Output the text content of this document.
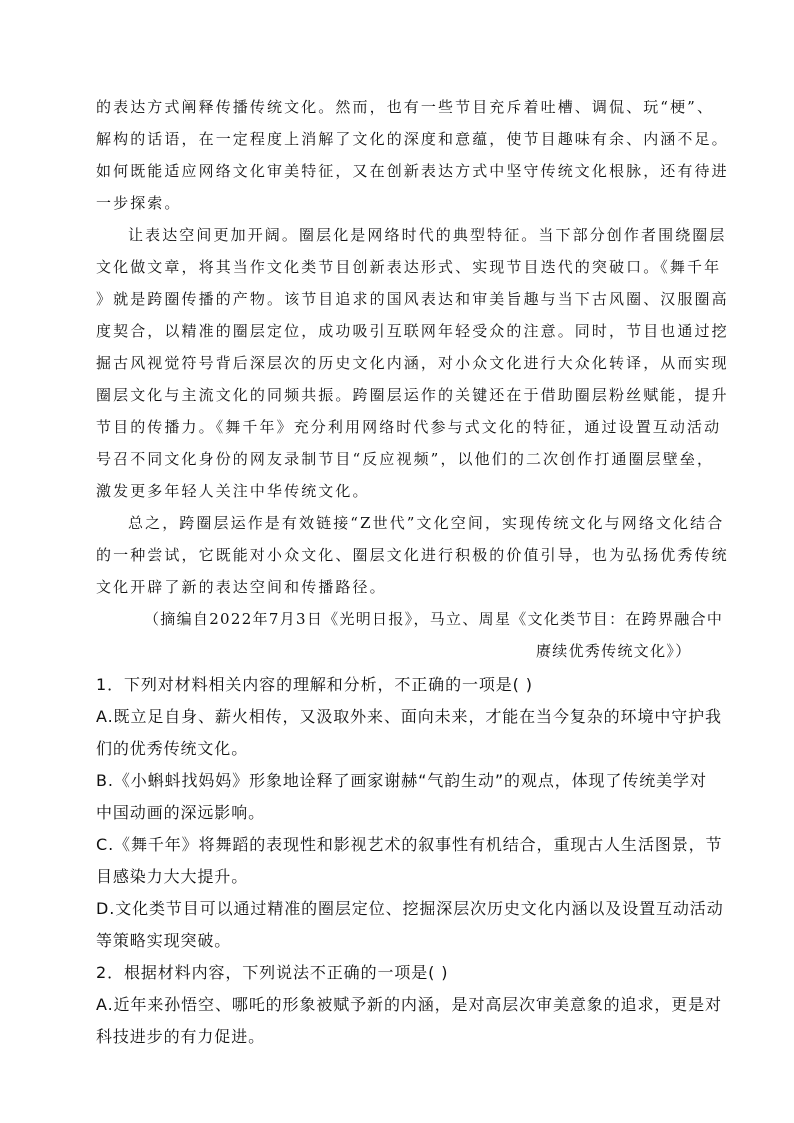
的表达方式阐释传播传统文化。然而，也有一些节目充斥着吐槽、调侃、玩“梗”、
解构的话语，在一定程度上消解了文化的深度和意蕴，使节目趣味有余、内涵不足。
如何既能适应网络文化审美特征，又在创新表达方式中坚守传统文化根脉，还有待进
一步探索。
让表达空间更加开阔。圈层化是网络时代的典型特征。当下部分创作者围绕圈层
文化做文章，将其当作文化类节目创新表达形式、实现节目迭代的突破口。《舞千年
》就是跨圈传播的产物。该节目追求的国风表达和审美旨趣与当下古风圈、汉服圈高
度契合，以精准的圈层定位，成功吸引互联网年轻受众的注意。同时，节目也通过挖
掘古风视觉符号背后深层次的历史文化内涵，对小众文化进行大众化转译，从而实现
圈层文化与主流文化的同频共振。跨圈层运作的关键还在于借助圈层粉丝赋能，提升
节目的传播力。《舞千年》充分利用网络时代参与式文化的特征，通过设置互动活动
号召不同文化身份的网友录制节目“反应视频”，以他们的二次创作打通圈层壁垒，
激发更多年轻人关注中华传统文化。
总之，跨圈层运作是有效链接“Z世代”文化空间，实现传统文化与网络文化结合
的一种尝试，它既能对小众文化、圈层文化进行积极的价值引导，也为弘扬优秀传统
文化开辟了新的表达空间和传播路径。
（摘编自2022年7月3日《光明日报》，马立、周星《文化类节目：在跨界融合中
赓续优秀传统文化》）
1．下列对材料相关内容的理解和分析，不正确的一项是( )
A.既立足自身、薪火相传，又汲取外来、面向未来，才能在当今复杂的环境中守护我
们的优秀传统文化。
B.《小蝌蚪找妈妈》形象地诠释了画家谢赫“气韵生动”的观点，体现了传统美学对
中国动画的深远影响。
C.《舞千年》将舞蹈的表现性和影视艺术的叙事性有机结合，重现古人生活图景，节
目感染力大大提升。
D.文化类节目可以通过精准的圈层定位、挖掘深层次历史文化内涵以及设置互动活动
等策略实现突破。
2．根据材料内容，下列说法不正确的一项是( )
A.近年来孙悟空、哪吒的形象被赋予新的内涵，是对高层次审美意象的追求，更是对
科技进步的有力促进。
